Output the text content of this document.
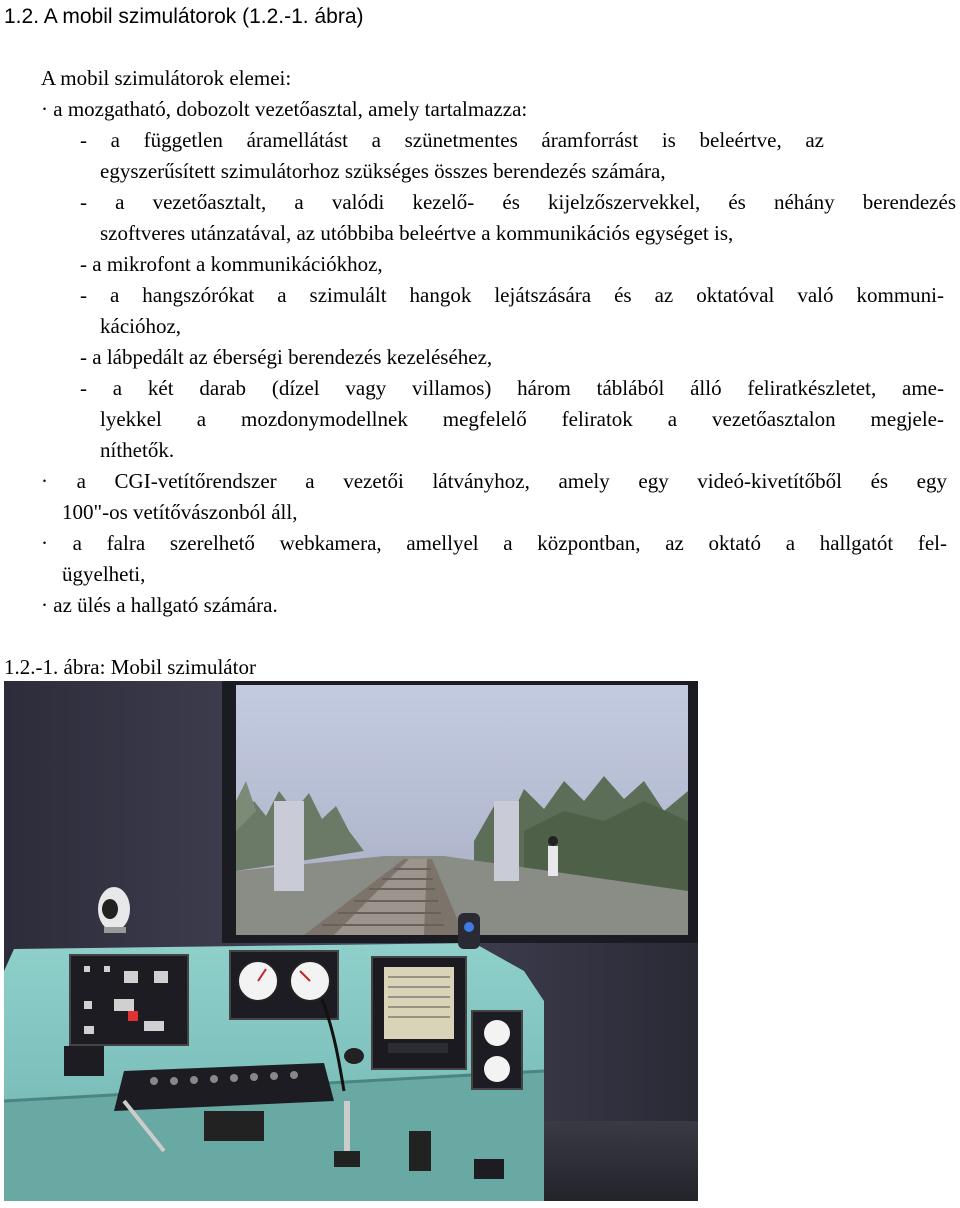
1.2. A mobil szimulátorok (1.2.-1. ábra)
A mobil szimulátorok elemei:
· a mozgatható, dobozolt vezetőasztal, amely tartalmazza:
- a független áramellátást a szünetmentes áramforrást is beleértve, az
egyszerűsített szimulátorhoz szükséges összes berendezés számára,
- a vezetőasztalt, a valódi kezelő- és kijelzőszervekkel, és néhány berendezés
szoftveres utánzatával, az utóbbiba beleértve a kommunikációs egységet is,
- a mikrofont a kommunikációkhoz,
- a hangszórókat a szimulált hangok lejátszására és az oktatóval való kommuni-
kációhoz,
- a lábpedált az éberségi berendezés kezeléséhez,
- a két darab (dízel vagy villamos) három táblából álló feliratkészletet, ame-
lyekkel a mozdonymodellnek megfelelő feliratok a vezetőasztalon megjele-
níthetők.
· a CGI-vetítőrendszer a vezetői látványhoz, amely egy videó-kivetítőből és egy
100"-os vetítővászonból áll,
· a falra szerelhető webkamera, amellyel a központban, az oktató a hallgatót fel-
ügyelheti,
· az ülés a hallgató számára.
1.2.-1. ábra: Mobil szimulátor
